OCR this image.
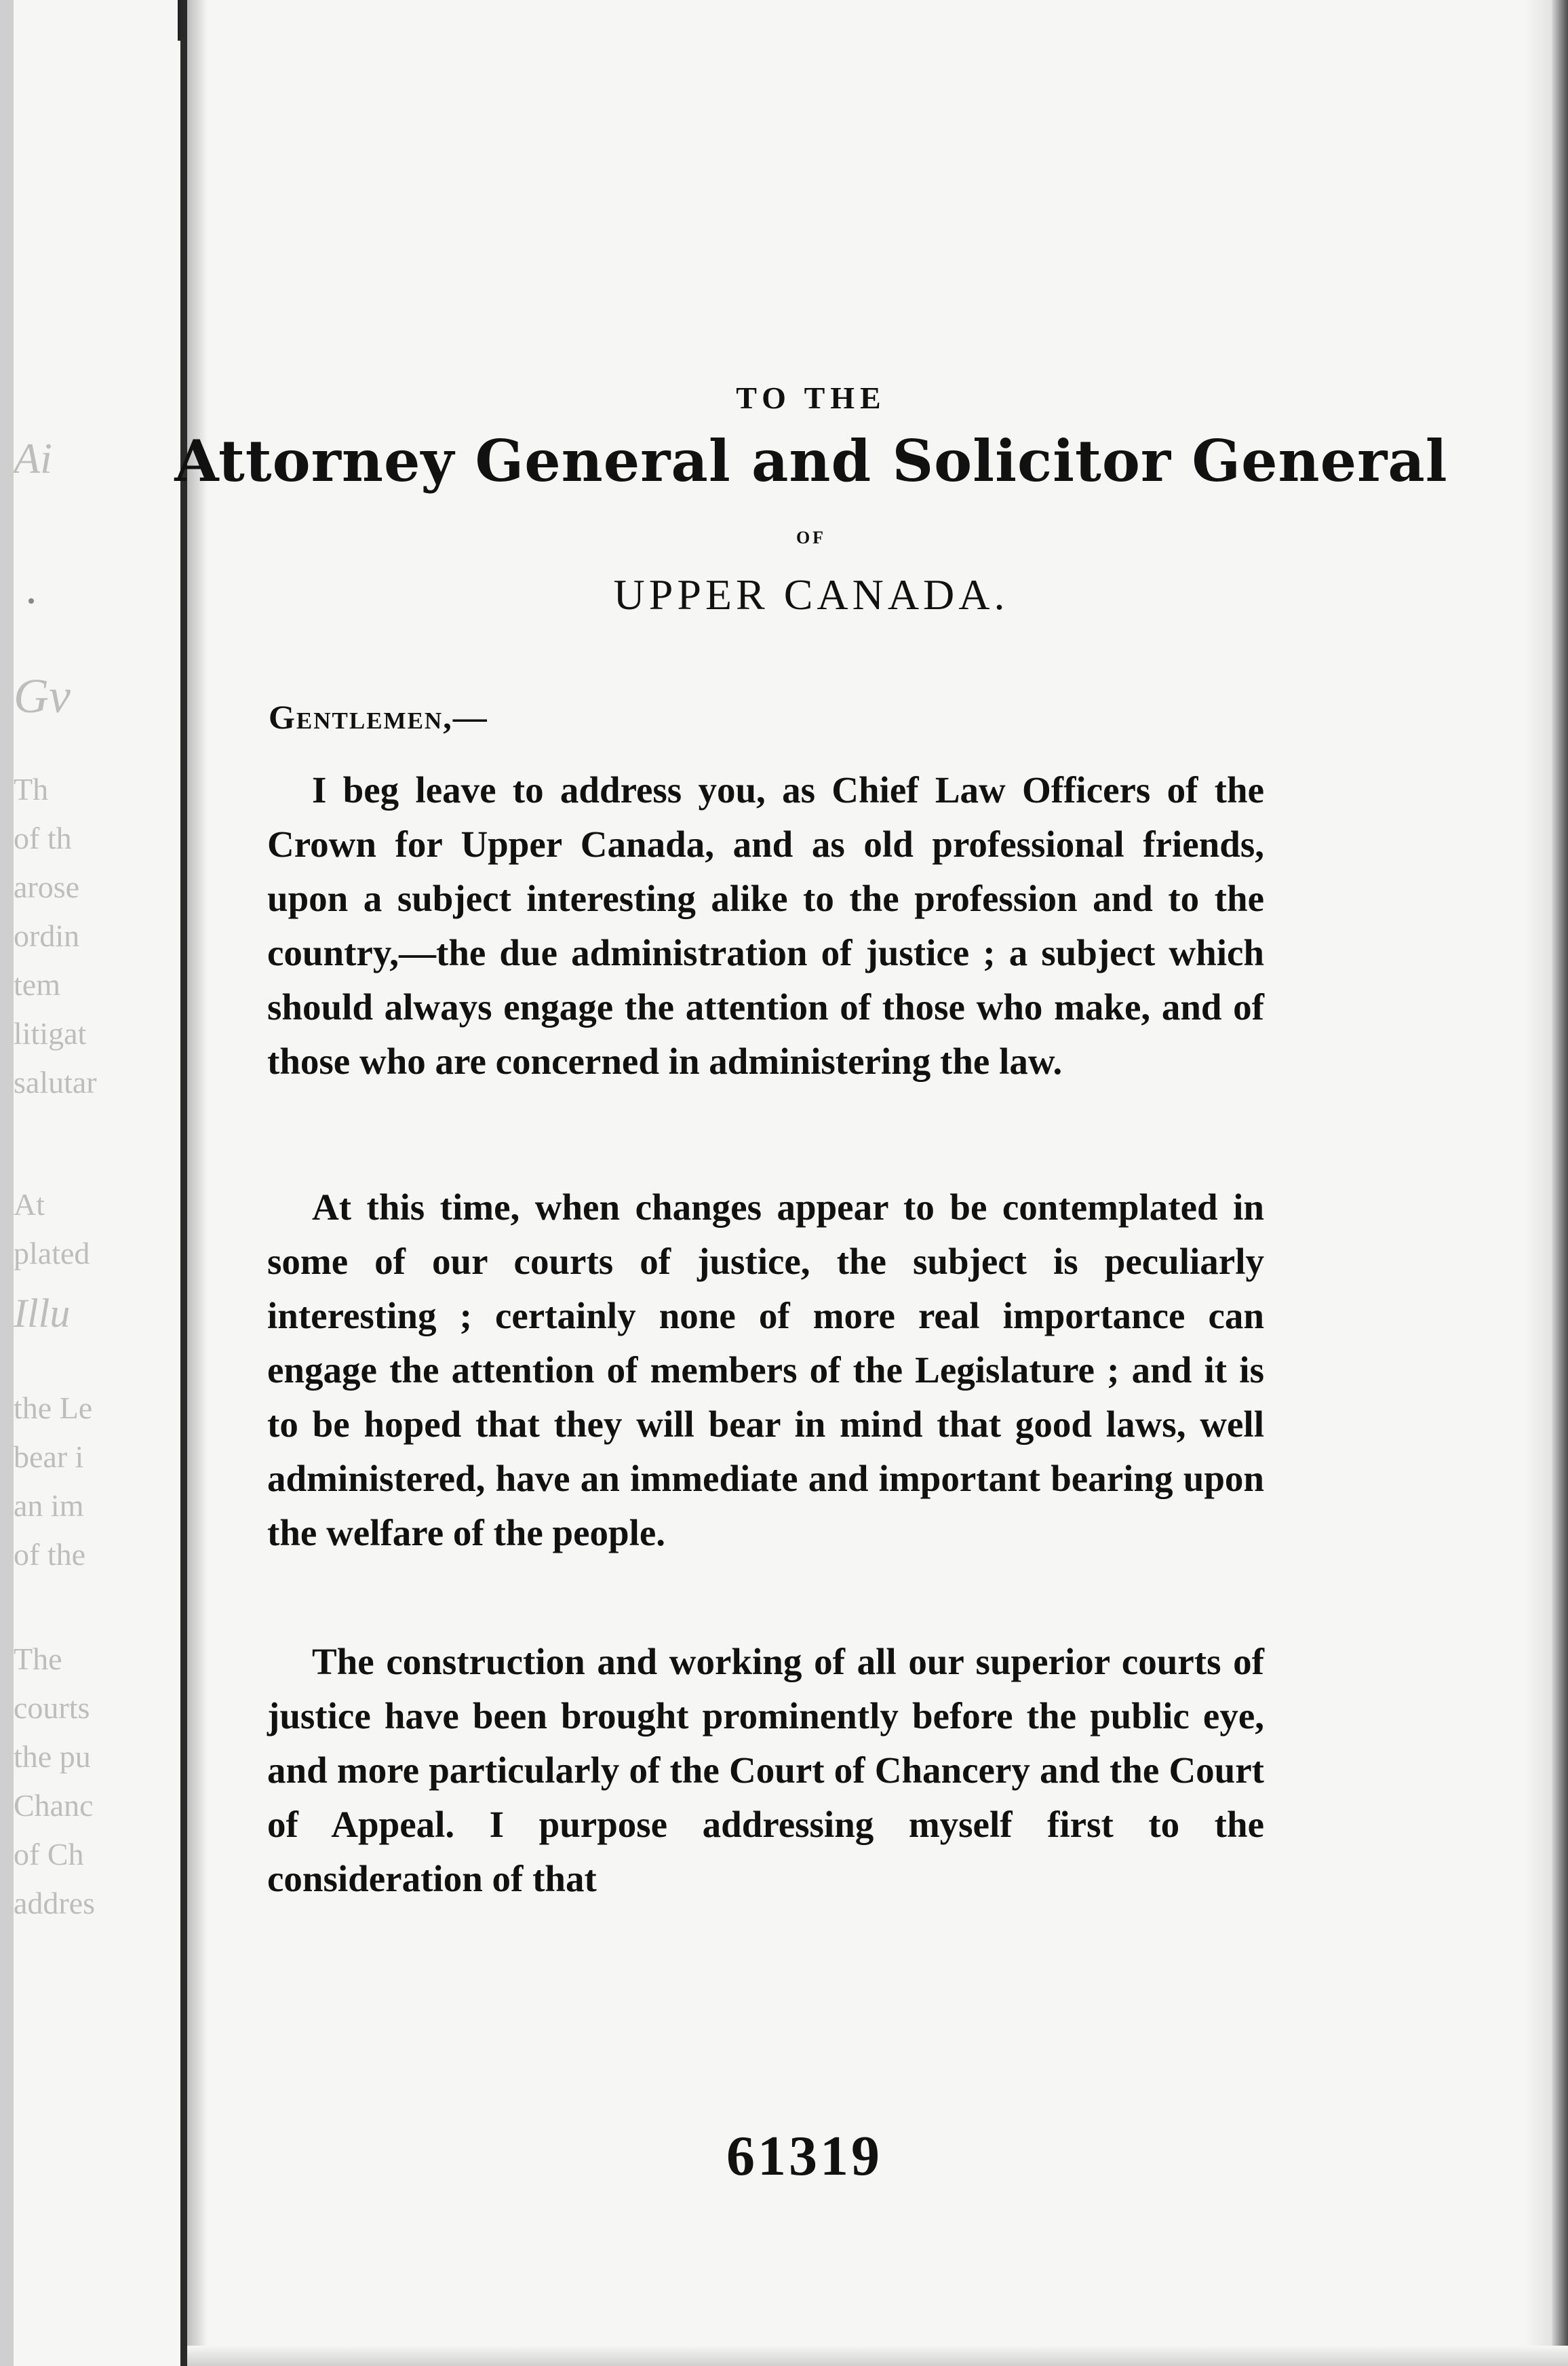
Ai
Gv
Th
of th
arose
ordin
tem
litigat
salutar
At
plated
Illu
the Le
bear i
an im
of the
The
courts
the pu
Chanc
of Ch
addres
TO THE
Attorney General and Solicitor General
OF
UPPER CANADA.
Gentlemen,—

I beg leave to address you, as Chief Law Officers of the Crown for Upper Canada, and as old professional friends, upon a subject interesting alike to the profession and to the country,—the due administration of justice ; a subject which should always engage the attention of those who make, and of those who are concerned in administering the law.

At this time, when changes appear to be contemplated in some of our courts of justice, the subject is peculiarly interesting ; certainly none of more real importance can engage the attention of members of the Legislature ; and it is to be hoped that they will bear in mind that good laws, well administered, have an immediate and important bearing upon the welfare of the people.

The construction and working of all our superior courts of justice have been brought prominently before the public eye, and more particularly of the Court of Chancery and the Court of Appeal. I purpose addressing myself first to the consideration of that

61319
